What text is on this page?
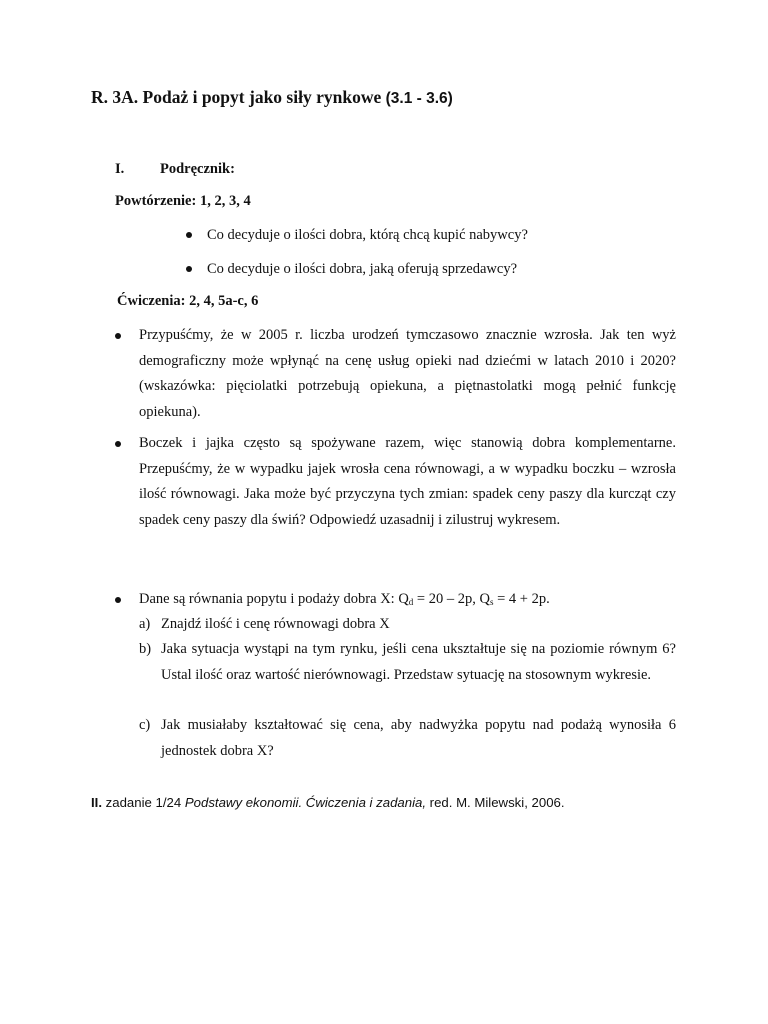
R. 3A. Podaż i popyt jako siły rynkowe (3.1 - 3.6)
I. Podręcznik:
Powtórzenie: 1, 2, 3, 4
Co decyduje o ilości dobra, którą chcą kupić nabywcy?
Co decyduje o ilości dobra, jaką oferują sprzedawcy?
Ćwiczenia: 2, 4, 5a-c, 6
Przypuśćmy, że w 2005 r. liczba urodzeń tymczasowo znacznie wzrosła. Jak ten wyż demograficzny może wpłynąć na cenę usług opieki nad dziećmi w latach 2010 i 2020? (wskazówka: pięciolatki potrzebują opiekuna, a piętnastolatki mogą pełnić funkcję opiekuna).
Boczek i jajka często są spożywane razem, więc stanowią dobra komplementarne. Przepuśćmy, że w wypadku jajek wrosła cena równowagi, a w wypadku boczku – wzrosła ilość równowagi. Jaka może być przyczyna tych zmian: spadek ceny paszy dla kurcząt czy spadek ceny paszy dla świń? Odpowiedź uzasadnij i zilustruj wykresem.
Dane są równania popytu i podaży dobra X: $Q_d = 20 - 2p$, $Q_s = 4 + 2p$.
a) Znajdź ilość i cenę równowagi dobra X
b) Jaka sytuacja wystąpi na tym rynku, jeśli cena ukształtuje się na poziomie równym 6? Ustal ilość oraz wartość nierównowagi. Przedstaw sytuację na stosownym wykresie.
c) Jak musiałaby kształtować się cena, aby nadwyżka popytu nad podażą wynosiła 6 jednostek dobra X?
II. zadanie 1/24 Podstawy ekonomii. Ćwiczenia i zadania, red. M. Milewski, 2006.
